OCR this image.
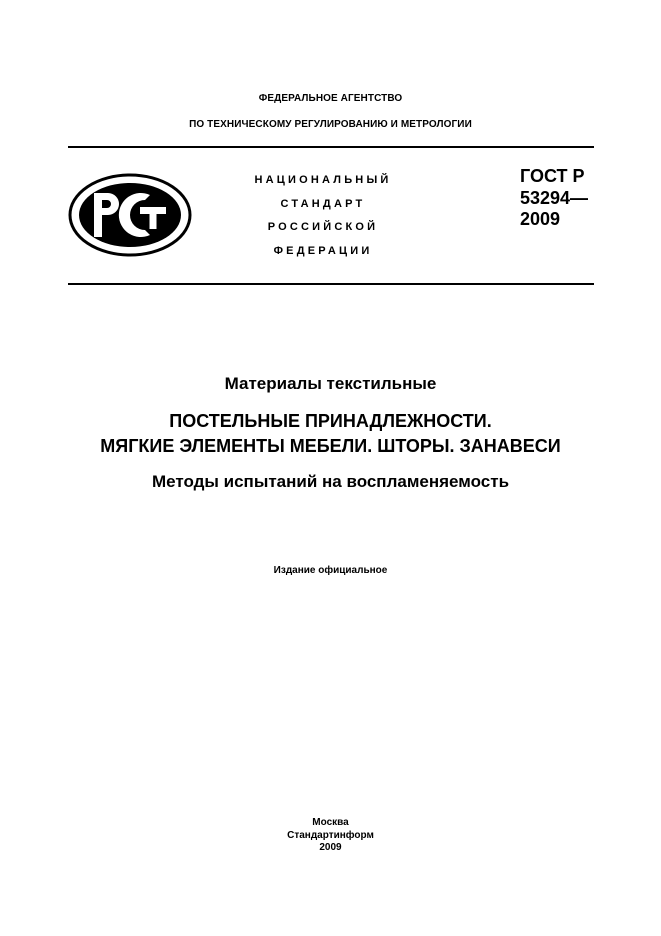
ФЕДЕРАЛЬНОЕ АГЕНТСТВО
ПО ТЕХНИЧЕСКОМУ РЕГУЛИРОВАНИЮ И МЕТРОЛОГИИ
НАЦИОНАЛЬНЫЙ
СТАНДАРТ
РОССИЙСКОЙ
ФЕДЕРАЦИИ
ГОСТ Р
53294—
2009
Материалы текстильные
ПОСТЕЛЬНЫЕ ПРИНАДЛЕЖНОСТИ.
МЯГКИЕ ЭЛЕМЕНТЫ МЕБЕЛИ. ШТОРЫ. ЗАНАВЕСИ
Методы испытаний на воспламеняемость
Издание официальное
Москва
Стандартинформ
2009
